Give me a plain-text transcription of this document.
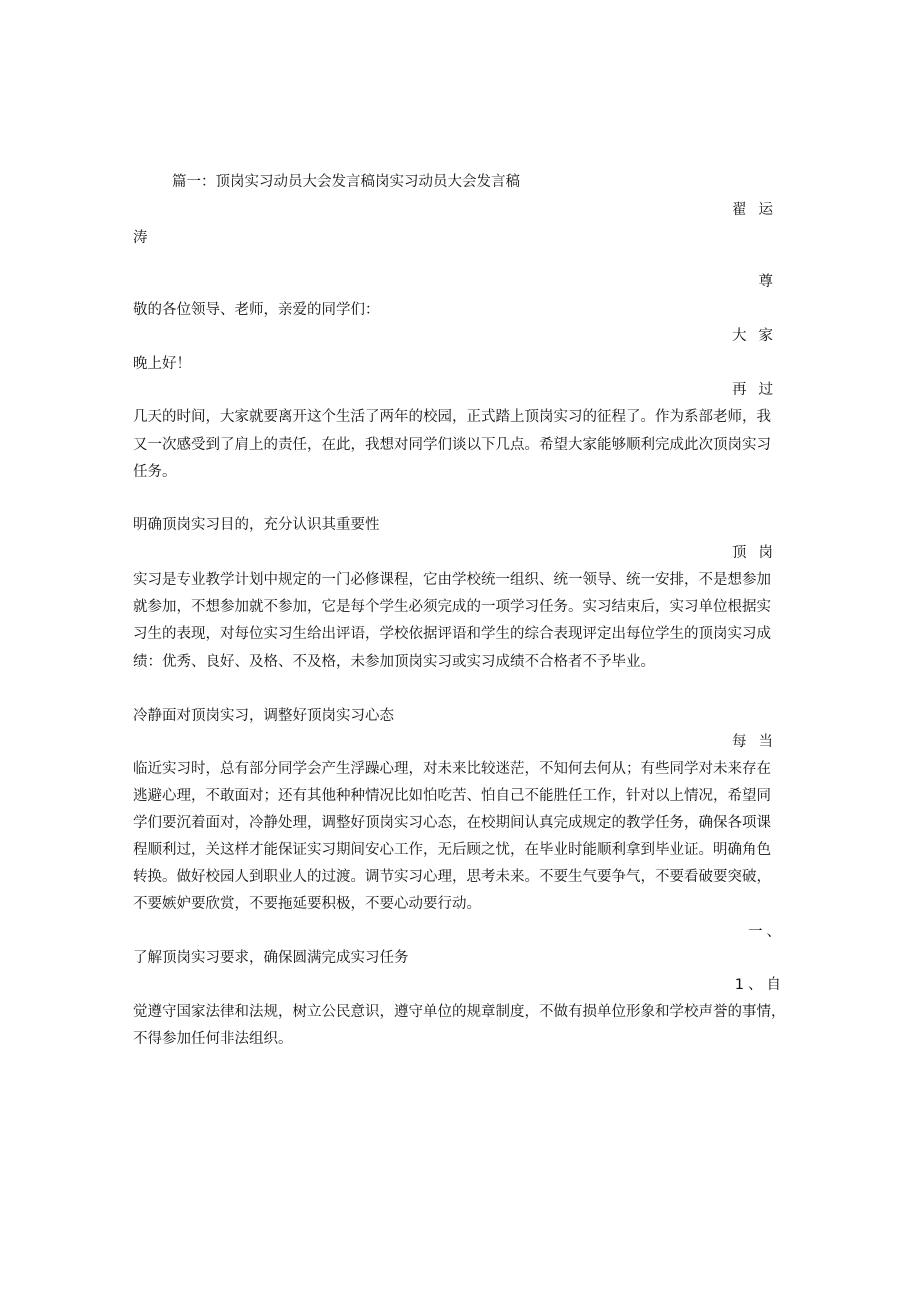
篇一：顶岗实习动员大会发言稿岗实习动员大会发言稿
翟运
涛
尊
敬的各位领导、老师，亲爱的同学们：
大家
晚上好！
再过
几天的时间，大家就要离开这个生活了两年的校园，正式踏上顶岗实习的征程了。作为系部老师，我
又一次感受到了肩上的责任，在此，我想对同学们谈以下几点。希望大家能够顺利完成此次顶岗实习
任务。
明确顶岗实习目的，充分认识其重要性
顶岗
实习是专业教学计划中规定的一门必修课程，它由学校统一组织、统一领导、统一安排，不是想参加
就参加，不想参加就不参加，它是每个学生必须完成的一项学习任务。实习结束后，实习单位根据实
习生的表现，对每位实习生给出评语，学校依据评语和学生的综合表现评定出每位学生的顶岗实习成
绩：优秀、良好、及格、不及格，未参加顶岗实习或实习成绩不合格者不予毕业。
冷静面对顶岗实习，调整好顶岗实习心态
每当
临近实习时，总有部分同学会产生浮躁心理，对未来比较迷茫，不知何去何从；有些同学对未来存在
逃避心理，不敢面对；还有其他种种情况比如怕吃苦、怕自己不能胜任工作，针对以上情况，希望同
学们要沉着面对，冷静处理，调整好顶岗实习心态，在校期间认真完成规定的教学任务，确保各项课
程顺利过，关这样才能保证实习期间安心工作，无后顾之忧，在毕业时能顺利拿到毕业证。明确角色
转换。做好校园人到职业人的过渡。调节实习心理，思考未来。不要生气要争气，不要看破要突破，
不要嫉妒要欣赏，不要拖延要积极，不要心动要行动。
一、
了解顶岗实习要求，确保圆满完成实习任务
1、自
觉遵守国家法律和法规，树立公民意识，遵守单位的规章制度，不做有损单位形象和学校声誉的事情，
不得参加任何非法组织。
